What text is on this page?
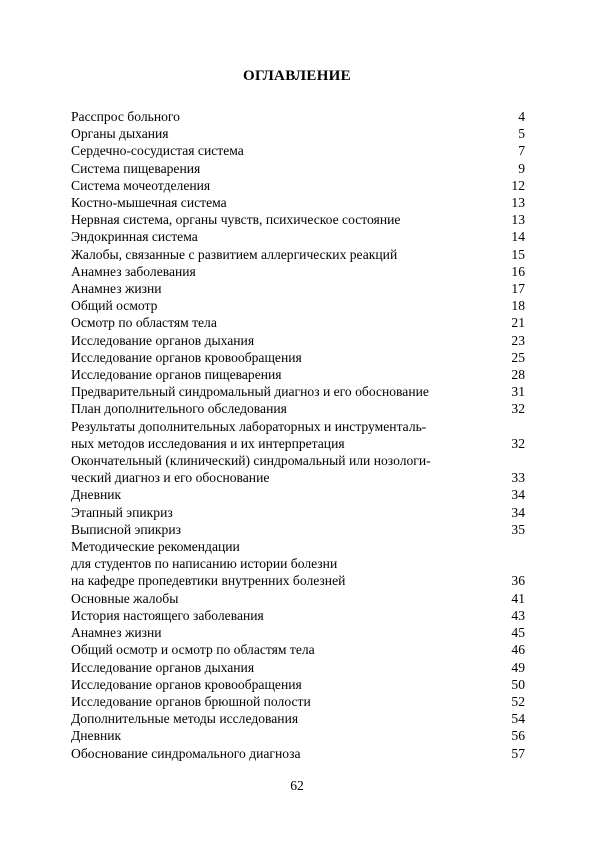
ОГЛАВЛЕНИЕ
Расспрос больного	4
Органы дыхания	5
Сердечно-сосудистая система	7
Система пищеварения	9
Система мочеотделения	12
Костно-мышечная система	13
Нервная система, органы чувств, психическое состояние	13
Эндокринная система	14
Жалобы, связанные с развитием аллергических реакций	15
Анамнез заболевания	16
Анамнез жизни	17
Общий осмотр	18
Осмотр по областям тела	21
Исследование органов дыхания	23
Исследование органов кровообращения	25
Исследование органов пищеварения	28
Предварительный синдромальный диагноз и его обоснование	31
План дополнительного обследования	32
Результаты дополнительных лабораторных и инструменталь-
ных методов исследования и их интерпретация	32
Окончательный (клинический) синдромальный или нозологи-
ческий диагноз и его обоснование	33
Дневник	34
Этапный эпикриз	34
Выписной эпикриз	35
Методические рекомендации
для студентов по написанию истории болезни
на кафедре пропедевтики внутренних болезней	36
Основные жалобы	41
История настоящего заболевания	43
Анамнез жизни	45
Общий осмотр и осмотр по областям тела	46
Исследование органов дыхания	49
Исследование органов кровообращения	50
Исследование органов брюшной полости	52
Дополнительные методы исследования	54
Дневник	56
Обоснование синдромального диагноза	57
62
